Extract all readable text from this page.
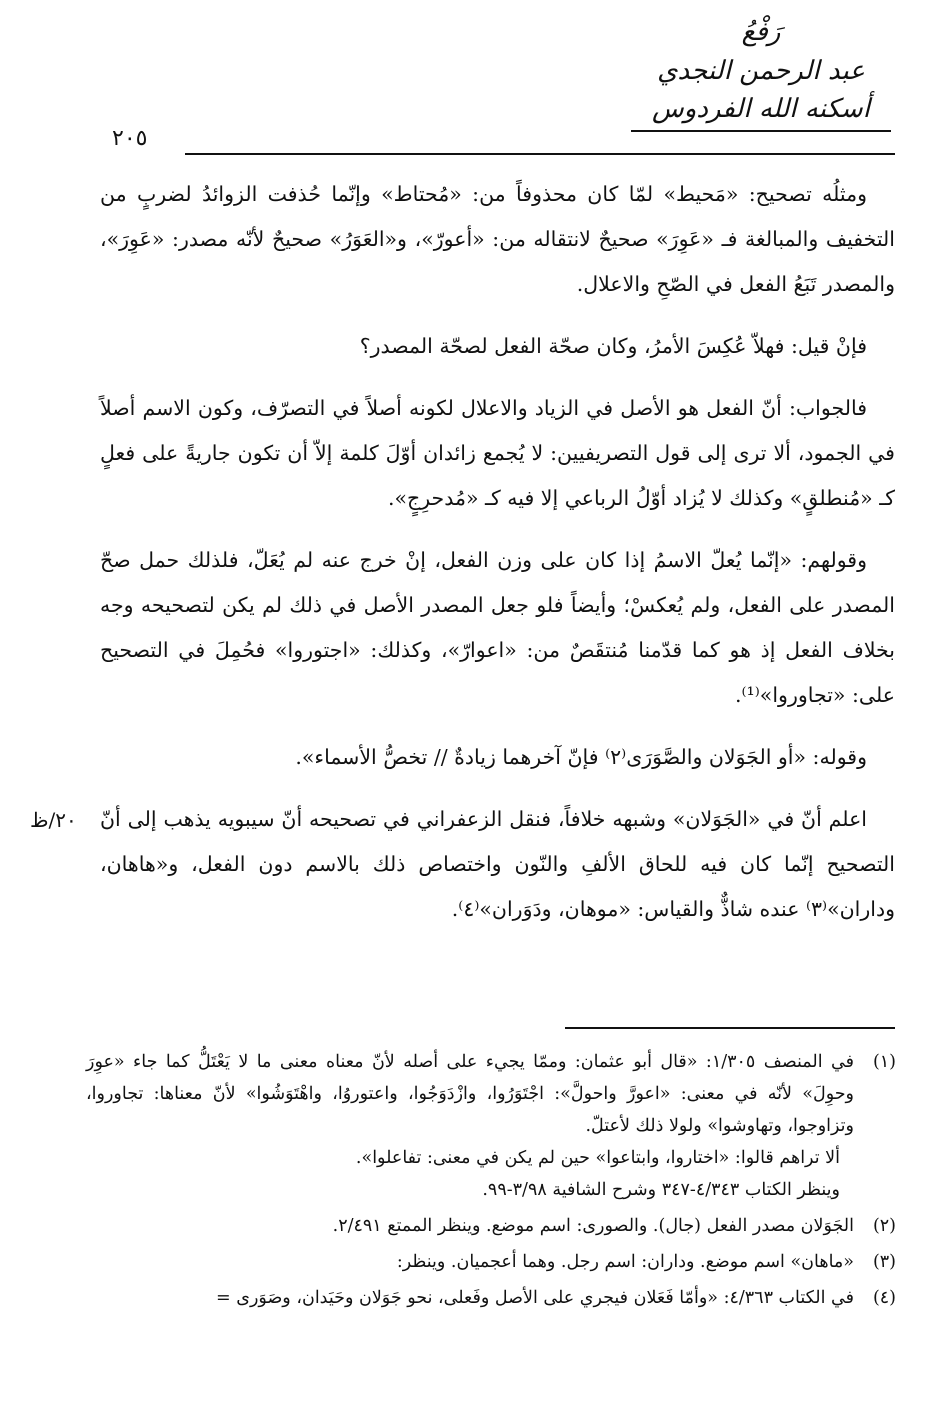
رَفْعُ
عبد الرحمن النجدي
أسكنه الله الفردوس
٢٠٥

ومثلُه تصحيح: «مَحيط» لمّا كان محذوفاً من: «مُحتاط» وإنّما حُذفت الزوائدُ لضربٍ من التخفيف والمبالغة فـ «عَوِرَ» صحيحٌ لانتقاله من: «أعورّ»، و«العَوَرُ» صحيحٌ لأنّه مصدر: «عَوِرَ»، والمصدر تَبَعُ الفعل في الصّحِ والاعلال.

فإنْ قيل: فهلاّ عُكِسَ الأمرُ، وكان صحّة الفعل لصحّة المصدر؟

فالجواب: أنّ الفعل هو الأصل في الزياد والاعلال لكونه أصلاً في التصرّف، وكون الاسم أصلاً في الجمود، ألا ترى إلى قول التصريفيين: لا يُجمع زائدان أوّلَ كلمة إلاّ أن تكون جاريةً على فعلٍ كـ «مُنطلقٍ» وكذلك لا يُزاد أوّلُ الرباعي إلا فيه كـ «مُدحرِجٍ».

وقولهم: «إنّما يُعلّ الاسمُ إذا كان على وزن الفعل، إنْ خرج عنه لم يُعَلّ، فلذلك حمل صحّ المصدر على الفعل، ولم يُعكسْ؛ وأيضاً فلو جعل المصدر الأصل في ذلك لم يكن لتصحيحه وجه بخلاف الفعل إذ هو كما قدّمنا مُنتقَصٌ من: «اعوارّ»، وكذلك: «اجتوروا» فحُمِلَ في التصحيح على: «تجاوروا»⁽¹⁾.

وقوله: «أو الجَوَلان والصَّوَرَى⁽٢⁾ فإنّ آخرهما زيادةٌ // تخصُّ الأسماء».

اعلم أنّ في «الجَوَلان» وشبهه خلافاً، فنقل الزعفراني في تصحيحه أنّ سيبويه يذهب إلى أنّ التصحيح إنّما كان فيه للحاق الألفِ والنّون واختصاص ذلك بالاسم دون الفعل، و«هاهان، وداران»⁽٣⁾ عنده شاذٌّ والقياس: «موهان، ودَوَران»⁽٤⁾.

٢٠/ظ
(١)
في المنصف ١/٣٠٥: «قال أبو عثمان: وممّا يجيء على أصله لأنّ معناه معنى ما لا يَعْتَلُّ كما جاء «عوِرَ وحوِلَ» لأنّه في معنى: «اعورَّ واحولَّ»: اجْتَوَرُوا، وازْدَوَجُوا، واعتوروُا، واهْتَوَشُوا» لأنّ معناها: تجاوروا، وتزاوجوا، وتهاوشوا» ولولا ذلك لأعتلّ.
ألا تراهم قالوا: «اختاروا، وابتاعوا» حين لم يكن في معنى: تفاعلوا».
وينظر الكتاب ٤/٣٤٣-٣٤٧ وشرح الشافية ٣/٩٨-٩٩.
(٢)
الجَوَلان مصدر الفعل (جال). والصورى: اسم موضع. وينظر الممتع ٢/٤٩١.
(٣)
«ماهان» اسم موضع. وداران: اسم رجل. وهما أعجميان. وينظر:
(٤)
في الكتاب ٤/٣٦٣: «وأمّا فَعَلان فيجري على الأصل وفَعلى، نحو جَوَلان وحَيَدان، وصَوَرى =
